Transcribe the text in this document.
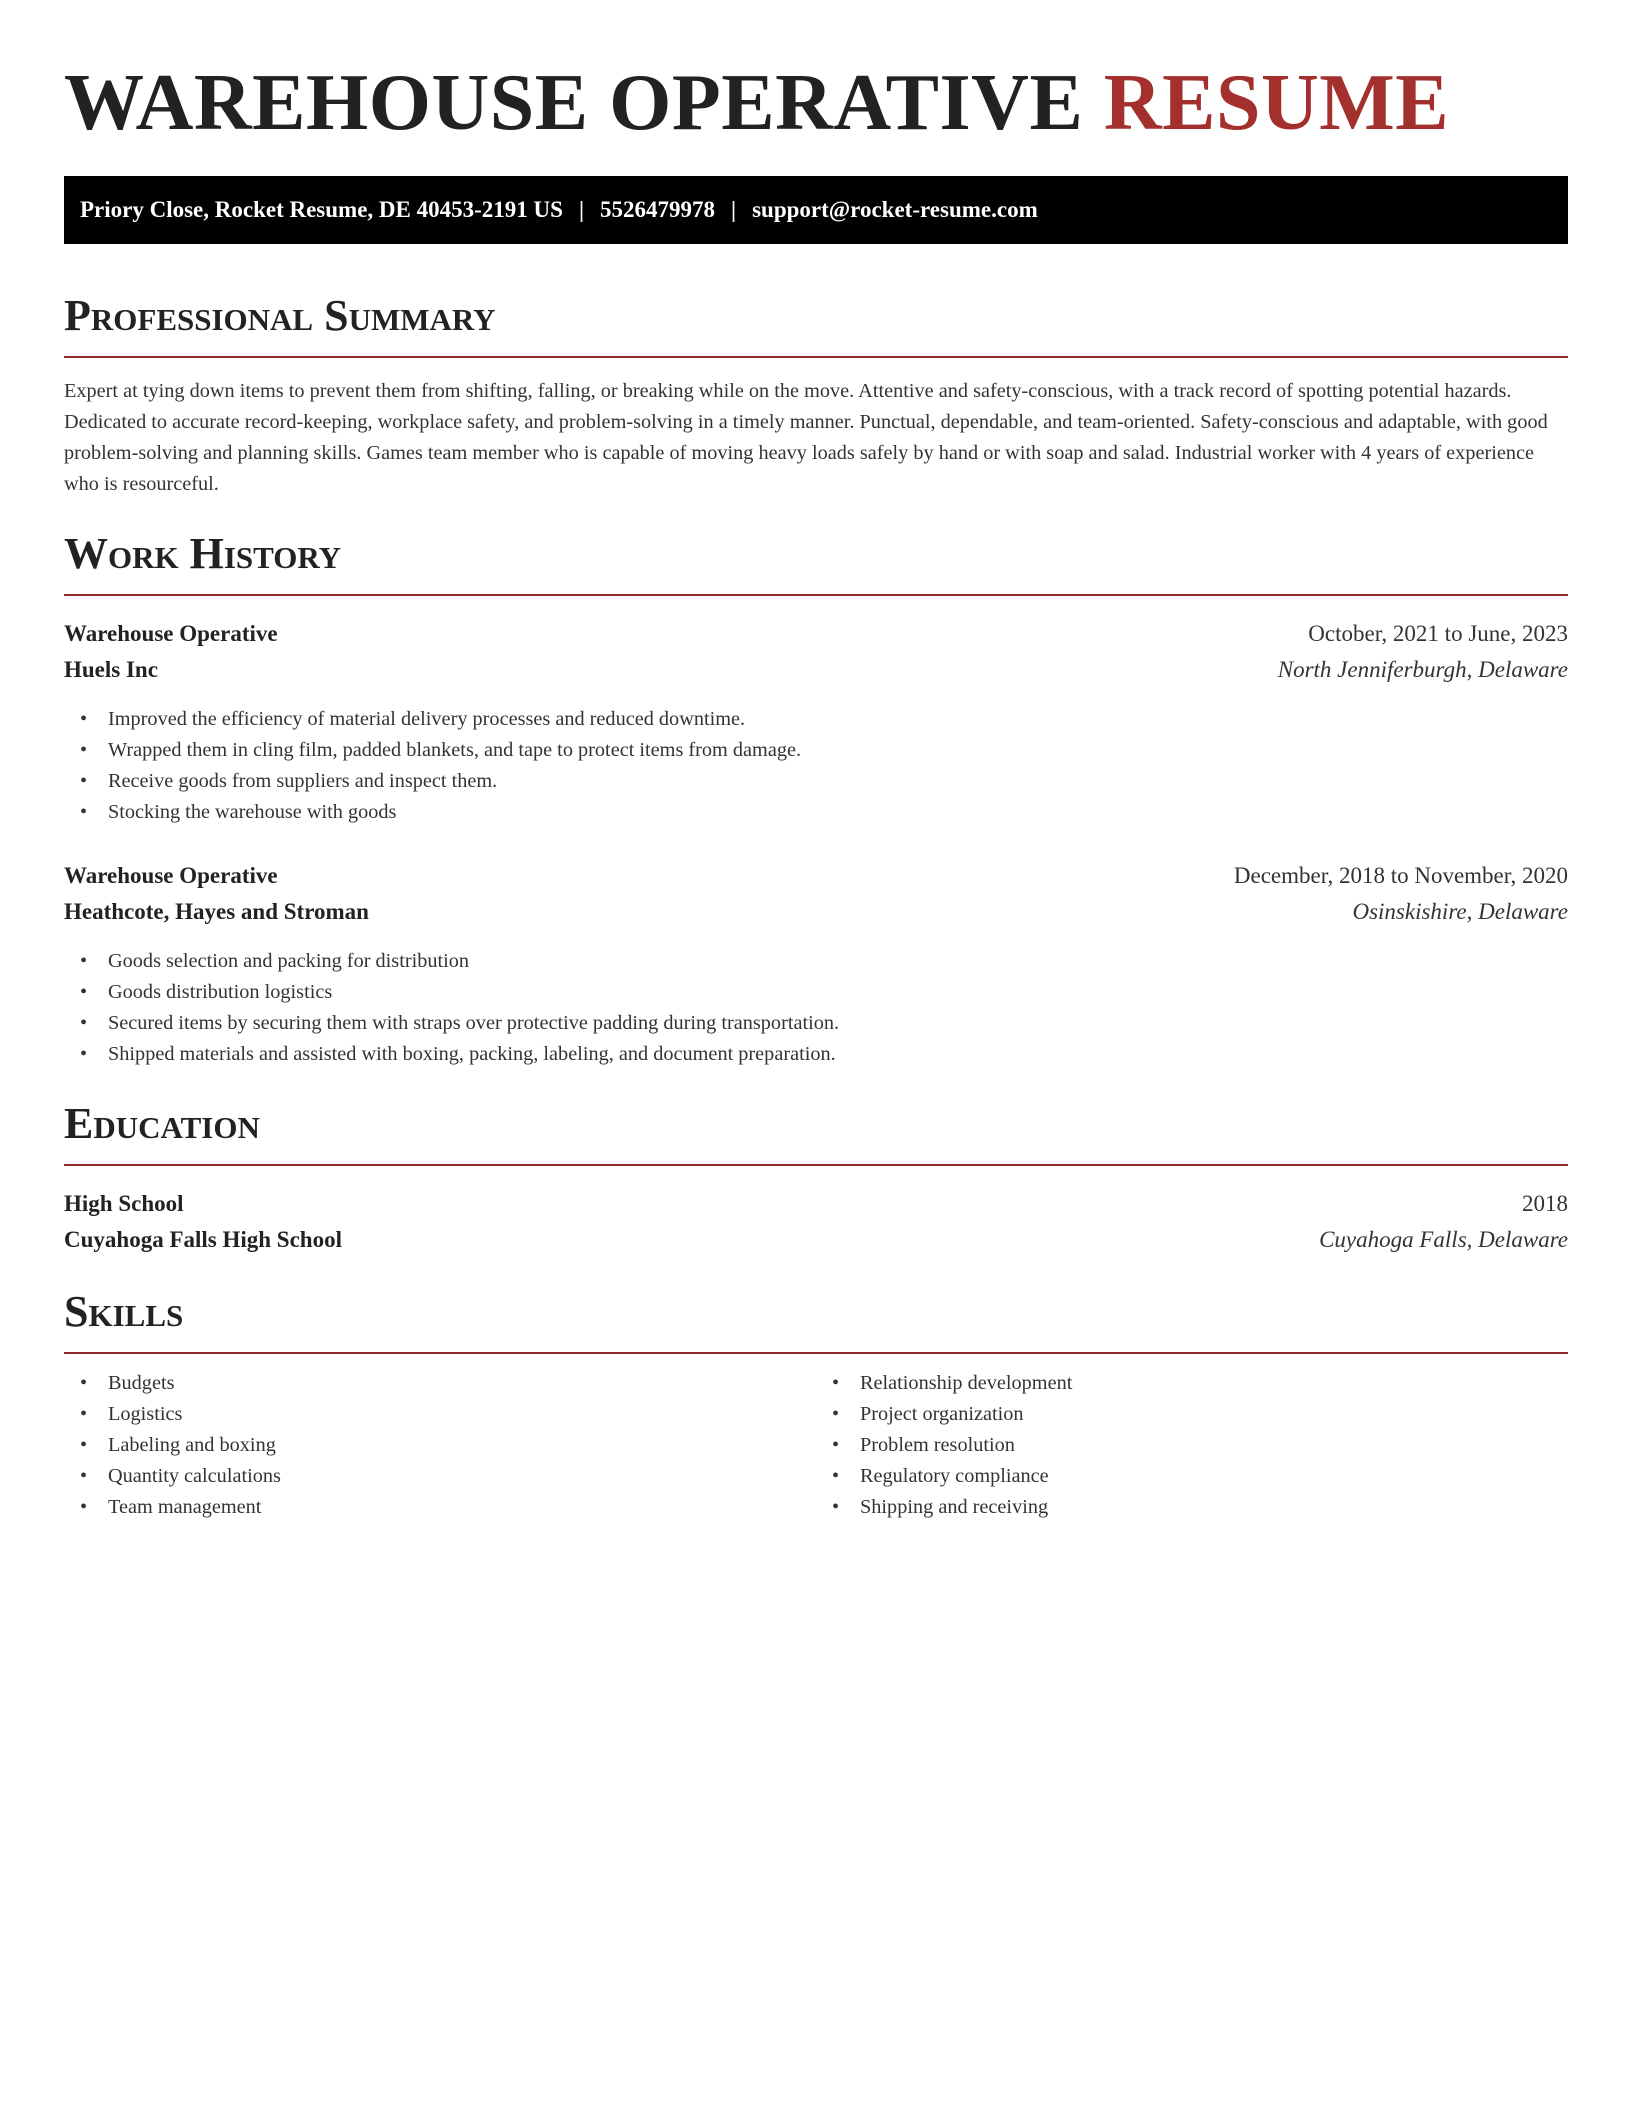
WAREHOUSE OPERATIVE RESUME
Priory Close, Rocket Resume, DE 40453-2191 US | 5526479978 | support@rocket-resume.com
Professional Summary

Expert at tying down items to prevent them from shifting, falling, or breaking while on the move. Attentive and safety-conscious, with a track record of spotting potential hazards. Dedicated to accurate record-keeping, workplace safety, and problem-solving in a timely manner. Punctual, dependable, and team-oriented. Safety-conscious and adaptable, with good problem-solving and planning skills. Games team member who is capable of moving heavy loads safely by hand or with soap and salad. Industrial worker with 4 years of experience who is resourceful.

Work History
Warehouse Operative	October, 2021 to June, 2023
Huels Inc	North Jenniferburgh, Delaware
• Improved the efficiency of material delivery processes and reduced downtime.
• Wrapped them in cling film, padded blankets, and tape to protect items from damage.
• Receive goods from suppliers and inspect them.
• Stocking the warehouse with goods
Warehouse Operative	December, 2018 to November, 2020
Heathcote, Hayes and Stroman	Osinskishire, Delaware
• Goods selection and packing for distribution
• Goods distribution logistics
• Secured items by securing them with straps over protective padding during transportation.
• Shipped materials and assisted with boxing, packing, labeling, and document preparation.
Education
High School	2018
Cuyahoga Falls High School	Cuyahoga Falls, Delaware
Skills
• Budgets
• Logistics
• Labeling and boxing
• Quantity calculations
• Team management
• Relationship development
• Project organization
• Problem resolution
• Regulatory compliance
• Shipping and receiving
